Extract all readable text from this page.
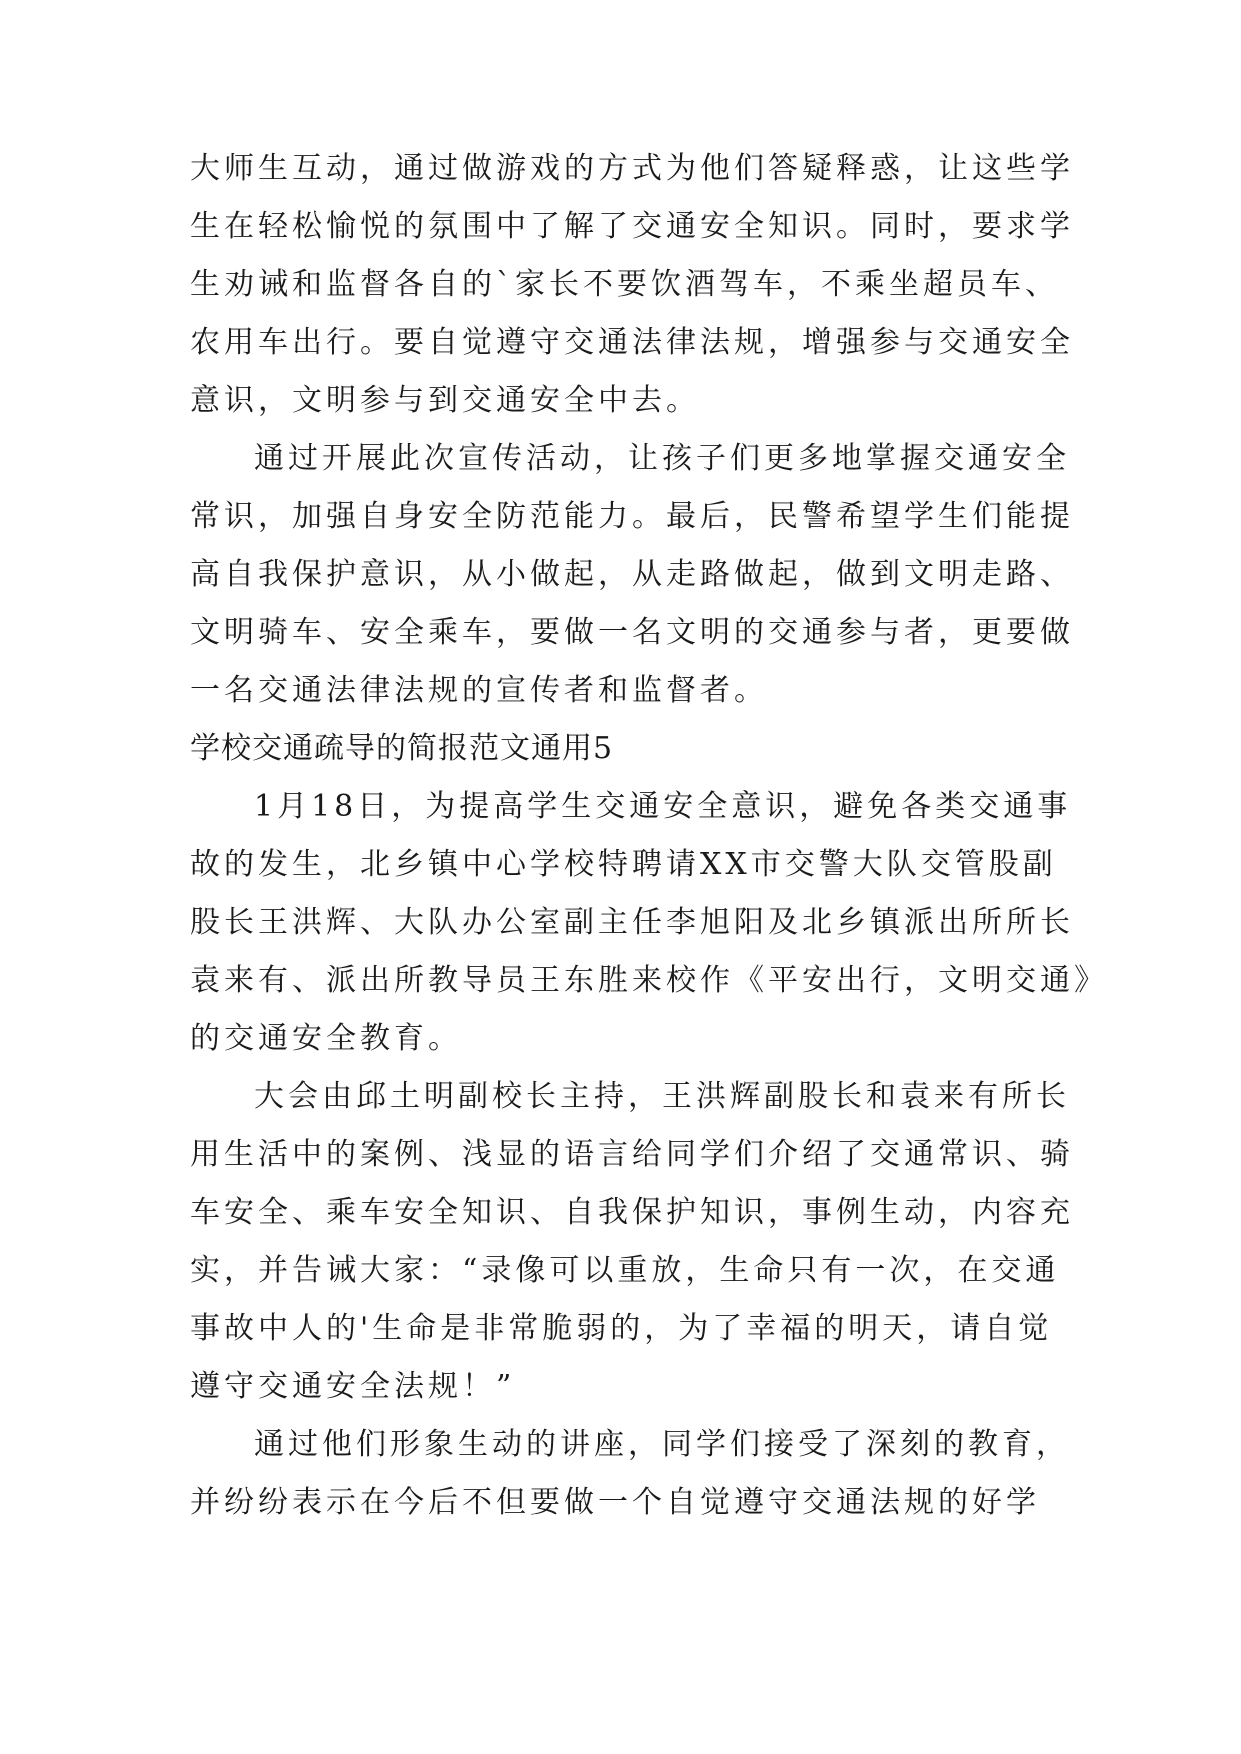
大师生互动，通过做游戏的方式为他们答疑释惑，让这些学
生在轻松愉悦的氛围中了解了交通安全知识。同时，要求学
生劝诫和监督各自的`家长不要饮酒驾车，不乘坐超员车、
农用车出行。要自觉遵守交通法律法规，增强参与交通安全
意识，文明参与到交通安全中去。
通过开展此次宣传活动，让孩子们更多地掌握交通安全
常识，加强自身安全防范能力。最后，民警希望学生们能提
高自我保护意识，从小做起，从走路做起，做到文明走路、
文明骑车、安全乘车，要做一名文明的交通参与者，更要做
一名交通法律法规的宣传者和监督者。
学校交通疏导的简报范文通用5
1月18日，为提高学生交通安全意识，避免各类交通事
故的发生，北乡镇中心学校特聘请XX市交警大队交管股副
股长王洪辉、大队办公室副主任李旭阳及北乡镇派出所所长
袁来有、派出所教导员王东胜来校作《平安出行，文明交通》
的交通安全教育。
大会由邱土明副校长主持，王洪辉副股长和袁来有所长
用生活中的案例、浅显的语言给同学们介绍了交通常识、骑
车安全、乘车安全知识、自我保护知识，事例生动，内容充
实，并告诫大家：“录像可以重放，生命只有一次，在交通
事故中人的'生命是非常脆弱的，为了幸福的明天，请自觉
遵守交通安全法规！”
通过他们形象生动的讲座，同学们接受了深刻的教育，
并纷纷表示在今后不但要做一个自觉遵守交通法规的好学
